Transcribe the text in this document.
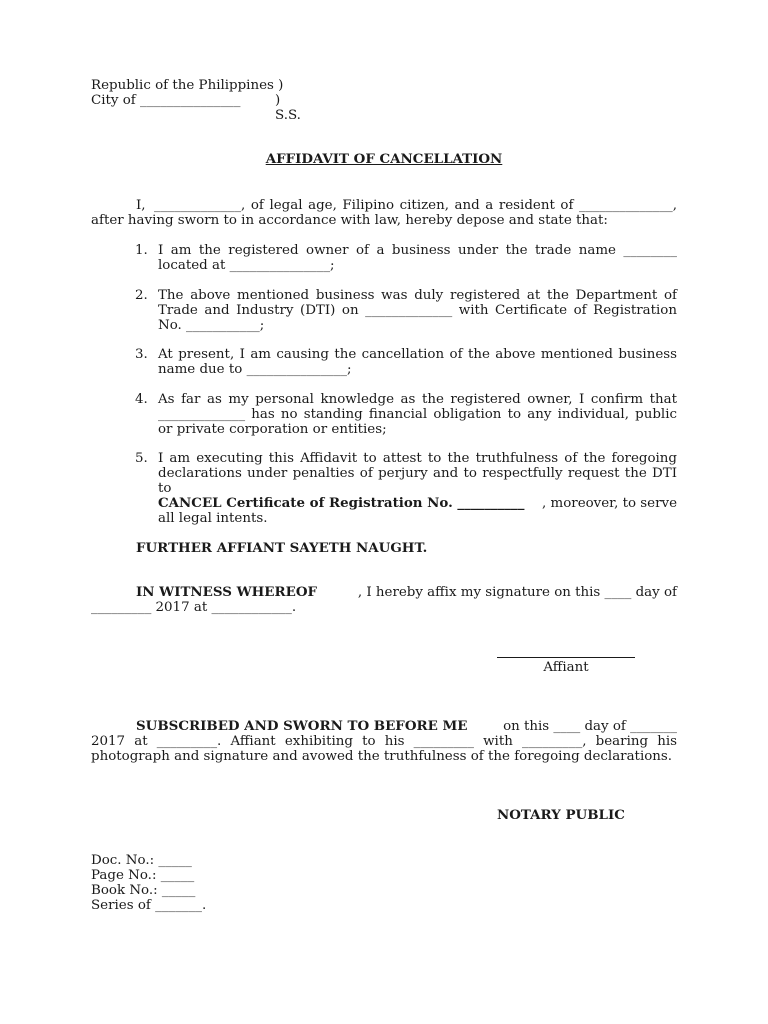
Republic of the Philippines )
City of _______________	) S.S.
AFFIDAVIT OF CANCELLATION
I, _____________, of legal age, Filipino citizen, and a resident of ______________,
after having sworn to in accordance with law, hereby depose and state that:
1. I am the registered owner of a business under the trade name ________
located at _______________;
2. The above mentioned business was duly registered at the Department of
Trade and Industry (DTI) on _____________ with Certificate of Registration
No. ___________;
3. At present, I am causing the cancellation of the above mentioned business
name due to _______________;
4. As far as my personal knowledge as the registered owner, I confirm that
_____________ has no standing financial obligation to any individual, public
or private corporation or entities;
5. I am executing this Affidavit to attest to the truthfulness of the foregoing
declarations under penalties of perjury and to respectfully request the DTI to
CANCEL Certificate of Registration No. __________ , moreover, to serve
all legal intents.
FURTHER AFFIANT SAYETH NAUGHT.
IN WITNESS WHEREOF	, I hereby affix my signature on this ____ day of
_________ 2017 at ____________.
Affiant
SUBSCRIBED AND SWORN TO BEFORE ME	on this ____ day of _______
2017 at _________. Affiant exhibiting to his _________ with _________, bearing his
photograph and signature and avowed the truthfulness of the foregoing declarations.
NOTARY PUBLIC
Doc. No.: _____
Page No.: _____
Book No.: _____
Series of _______.
